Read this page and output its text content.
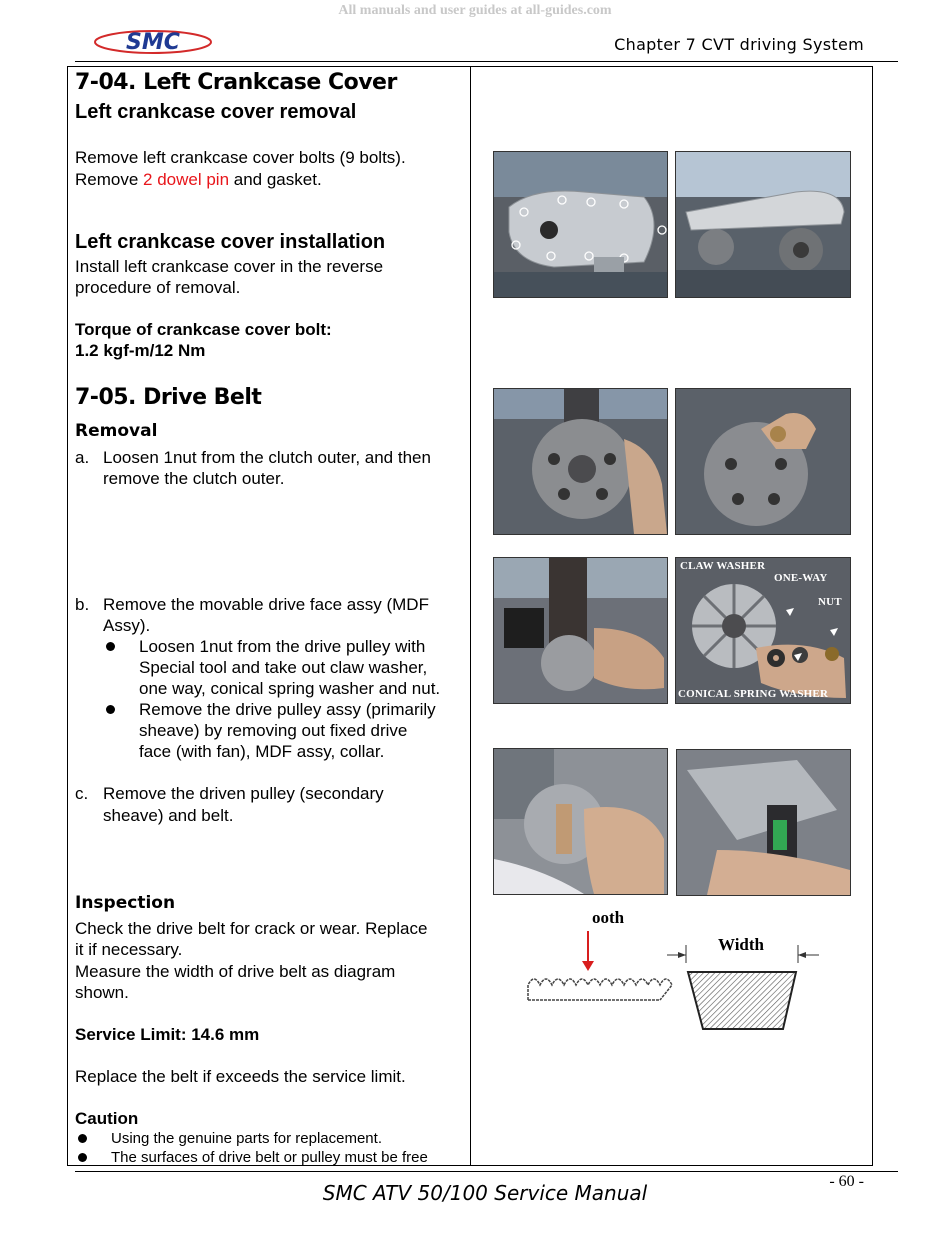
All manuals and user guides at all-guides.com
SMC	Chapter 7 CVT driving System
7-04. Left Crankcase Cover
Left crankcase cover removal
Remove left crankcase cover bolts (9 bolts).
Remove 2 dowel pin and gasket.
Left crankcase cover installation
Install left crankcase cover in the reverse
procedure of removal.
Torque of crankcase cover bolt:
1.2 kgf-m/12 Nm
7-05. Drive Belt
Removal
a. Loosen 1nut from the clutch outer, and then
remove the clutch outer.
b. Remove the movable drive face assy (MDF
Assy).
Loosen 1nut from the drive pulley with
Special tool and take out claw washer,
one way, conical spring washer and nut.
Remove the drive pulley assy (primarily
sheave) by removing out fixed drive
face (with fan), MDF assy, collar.
c. Remove the driven pulley (secondary
sheave) and belt.
Inspection
Check the drive belt for crack or wear. Replace
it if necessary.
Measure the width of drive belt as diagram
shown.
Service Limit: 14.6 mm
Replace the belt if exceeds the service limit.
Caution
Using the genuine parts for replacement.
The surfaces of drive belt or pulley must be free
CLAW WASHER
ONE-WAY
NUT
CONICAL SPRING WASHER
ooth
Width
- 60 -
SMC ATV 50/100 Service Manual
